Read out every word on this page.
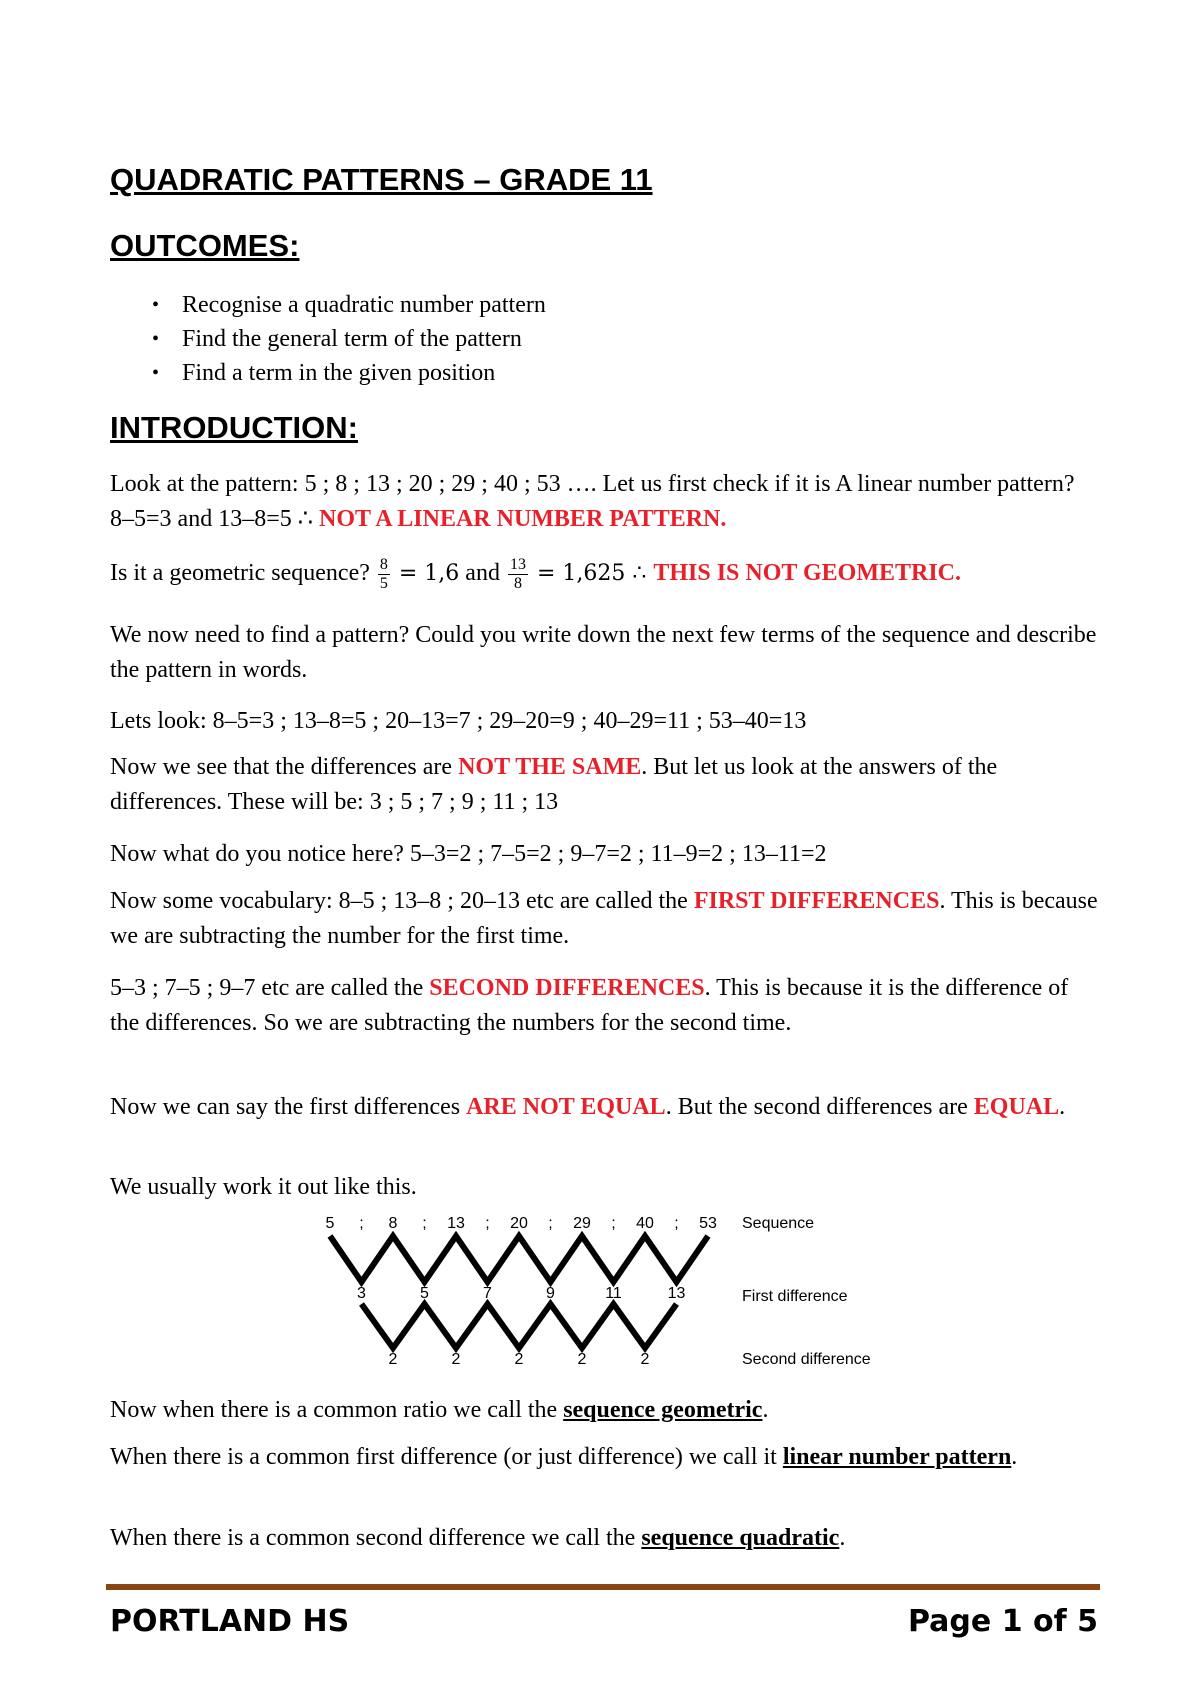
QUADRATIC PATTERNS – GRADE 11
OUTCOMES:
• Recognise a quadratic number pattern
• Find the general term of the pattern
• Find a term in the given position
INTRODUCTION:

Look at the pattern: 5 ; 8 ; 13 ; 20 ; 29 ; 40 ; 53 …. Let us first check if it is A linear number pattern? 8–5=3 and 13–8=5 ∴ NOT A LINEAR NUMBER PATTERN.

Is it a geometric sequence? $\frac{8}{5} = 1,6$ and $\frac{13}{8} = 1,625$ ∴ THIS IS NOT GEOMETRIC.

We now need to find a pattern? Could you write down the next few terms of the sequence and describe the pattern in words.

Lets look: 8–5=3 ; 13–8=5 ; 20–13=7 ; 29–20=9 ; 40–29=11 ; 53–40=13

Now we see that the differences are NOT THE SAME. But let us look at the answers of the differences. These will be: 3 ; 5 ; 7 ; 9 ; 11 ; 13

Now what do you notice here? 5–3=2 ; 7–5=2 ; 9–7=2 ; 11–9=2 ; 13–11=2

Now some vocabulary: 8–5 ; 13–8 ; 20–13 etc are called the FIRST DIFFERENCES. This is because we are subtracting the number for the first time.

5–3 ; 7–5 ; 9–7 etc are called the SECOND DIFFERENCES. This is because it is the difference of the differences. So we are subtracting the numbers for the second time.

Now we can say the first differences ARE NOT EQUAL. But the second differences are EQUAL.

We usually work it out like this.

5 ; 8 ; 13 ; 20 ; 29 ; 40 ; 53
3	5	7	9	11	13
2	2	2	2	2
Sequence
First difference
Second difference

Now when there is a common ratio we call the sequence geometric.

When there is a common first difference (or just difference) we call it linear number pattern.

When there is a common second difference we call the sequence quadratic.

PORTLAND HS	Page 1 of 5
